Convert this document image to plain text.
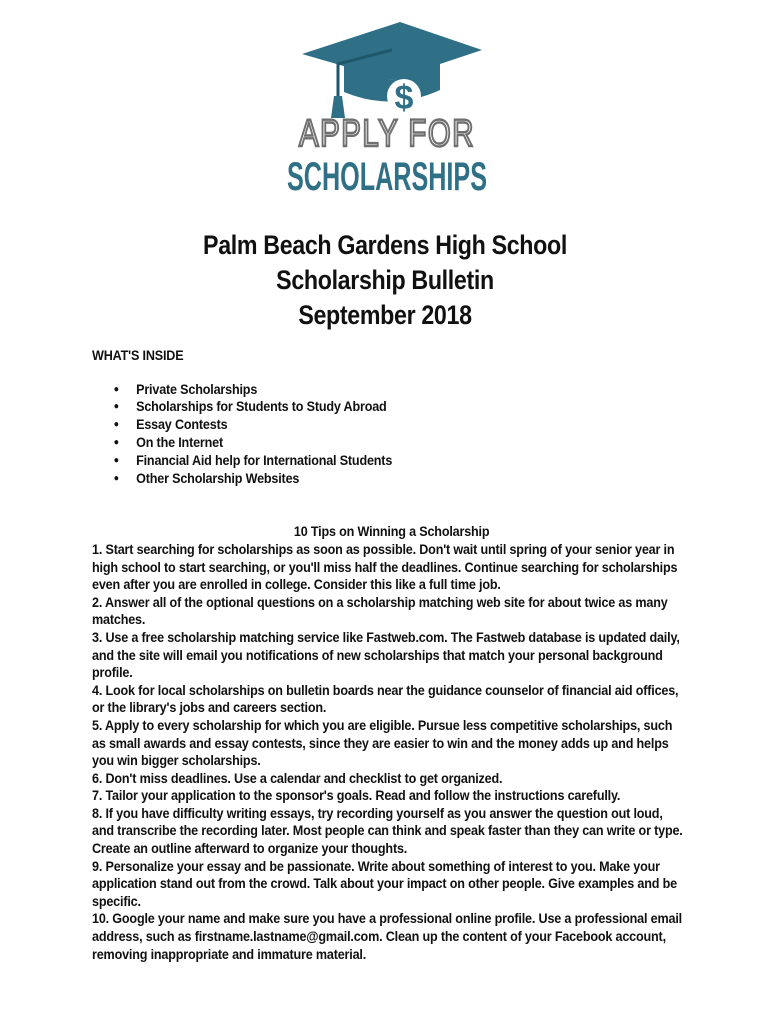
$
APPLY FOR
SCHOLARSHIPS
Palm Beach Gardens High School
Scholarship Bulletin
September 2018
WHAT'S INSIDE
● Private Scholarships
● Scholarships for Students to Study Abroad
● Essay Contests
● On the Internet
● Financial Aid help for International Students
● Other Scholarship Websites
10 Tips on Winning a Scholarship

1. Start searching for scholarships as soon as possible. Don't wait until spring of your senior year in high school to start searching, or you'll miss half the deadlines. Continue searching for scholarships even after you are enrolled in college. Consider this like a full time job.

2. Answer all of the optional questions on a scholarship matching web site for about twice as many matches.

3. Use a free scholarship matching service like Fastweb.com. The Fastweb database is updated daily, and the site will email you notifications of new scholarships that match your personal background profile.

4. Look for local scholarships on bulletin boards near the guidance counselor of financial aid offices, or the library's jobs and careers section.

5. Apply to every scholarship for which you are eligible. Pursue less competitive scholarships, such as small awards and essay contests, since they are easier to win and the money adds up and helps you win bigger scholarships.

6. Don't miss deadlines. Use a calendar and checklist to get organized.

7. Tailor your application to the sponsor's goals. Read and follow the instructions carefully.

8. If you have difficulty writing essays, try recording yourself as you answer the question out loud, and transcribe the recording later. Most people can think and speak faster than they can write or type. Create an outline afterward to organize your thoughts.

9. Personalize your essay and be passionate. Write about something of interest to you. Make your application stand out from the crowd. Talk about your impact on other people. Give examples and be specific.

10. Google your name and make sure you have a professional online profile. Use a professional email address, such as firstname.lastname@gmail.com. Clean up the content of your Facebook account, removing inappropriate and immature material.
